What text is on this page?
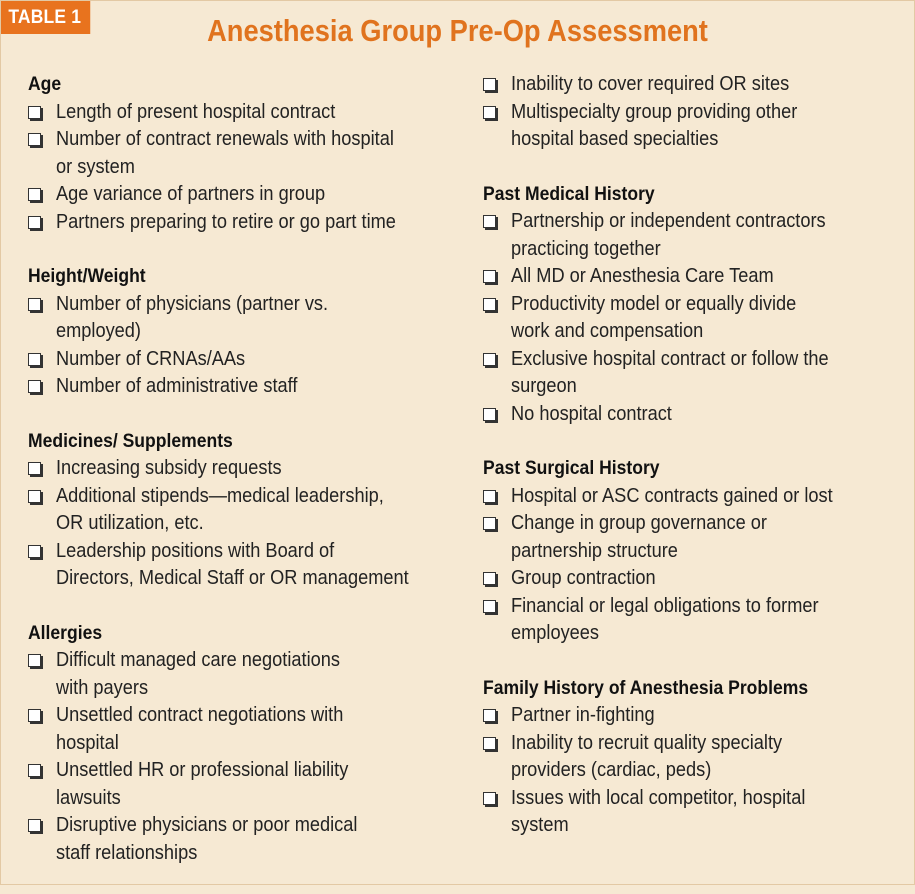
TABLE 1	Anesthesia Group Pre-Op Assessment
Age
Length of present hospital contract
Number of contract renewals with hospital
or system
Age variance of partners in group
Partners preparing to retire or go part time
Height/Weight
Number of physicians (partner vs.
employed)
Number of CRNAs/AAs
Number of administrative staff
Medicines/ Supplements
Increasing subsidy requests
Additional stipends—medical leadership,
OR utilization, etc.
Leadership positions with Board of
Directors, Medical Staff or OR management
Allergies
Difficult managed care negotiations
with payers
Unsettled contract negotiations with
hospital
Unsettled HR or professional liability
lawsuits
Disruptive physicians or poor medical
staff relationships
Inability to cover required OR sites
Multispecialty group providing other
hospital based specialties
Past Medical History
Partnership or independent contractors
practicing together
All MD or Anesthesia Care Team
Productivity model or equally divide
work and compensation
Exclusive hospital contract or follow the
surgeon
No hospital contract
Past Surgical History
Hospital or ASC contracts gained or lost
Change in group governance or
partnership structure
Group contraction
Financial or legal obligations to former
employees
Family History of Anesthesia Problems
Partner in-fighting
Inability to recruit quality specialty
providers (cardiac, peds)
Issues with local competitor, hospital
system
